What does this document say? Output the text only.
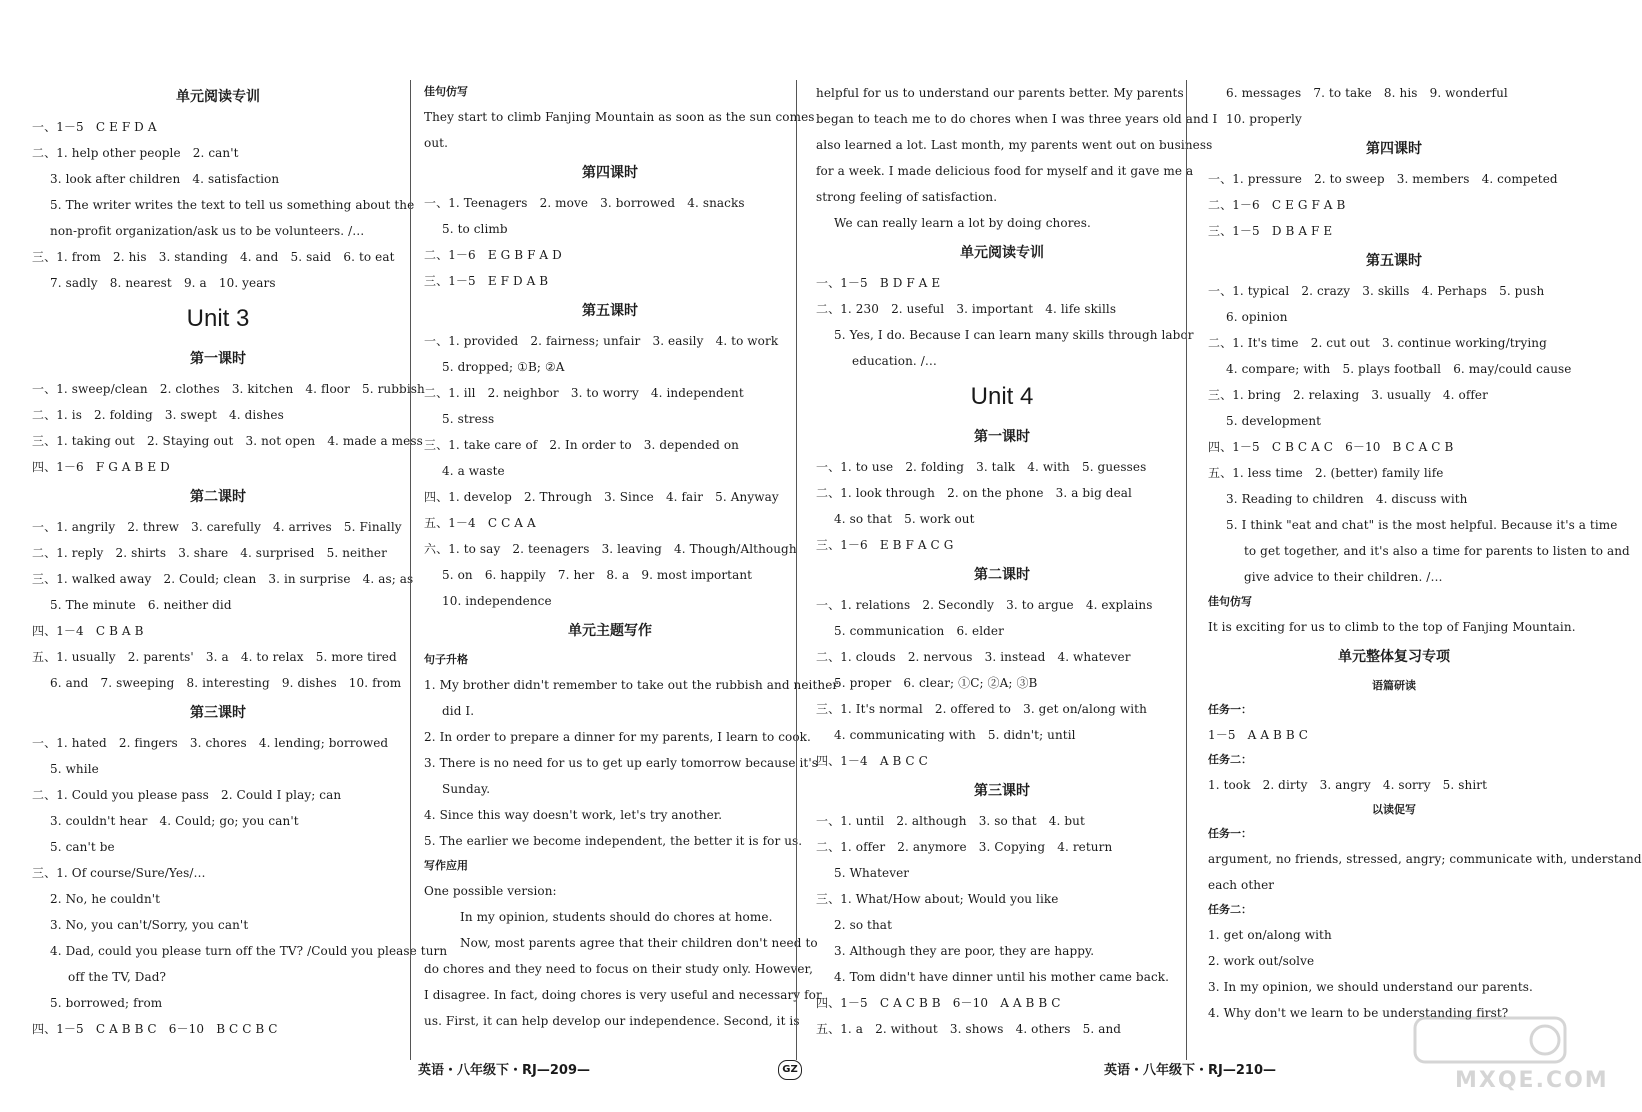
单元阅读专训
一、1－5　C E F D A
二、1. help other people　2. can't
3. look after children　4. satisfaction
5. The writer writes the text to tell us something about the
non-profit organization/ask us to be volunteers. /…
三、1. from　2. his　3. standing　4. and　5. said　6. to eat
7. sadly　8. nearest　9. a　10. years
Unit 3
第一课时
一、1. sweep/clean　2. clothes　3. kitchen　4. floor　5. rubbish
二、1. is　2. folding　3. swept　4. dishes
三、1. taking out　2. Staying out　3. not open　4. made a mess
四、1－6　F G A B E D
第二课时
一、1. angrily　2. threw　3. carefully　4. arrives　5. Finally
二、1. reply　2. shirts　3. share　4. surprised　5. neither
三、1. walked away　2. Could; clean　3. in surprise　4. as; as
5. The minute　6. neither did
四、1－4　C B A B
五、1. usually　2. parents'　3. a　4. to relax　5. more tired
6. and　7. sweeping　8. interesting　9. dishes　10. from
第三课时
一、1. hated　2. fingers　3. chores　4. lending; borrowed
5. while
二、1. Could you please pass　2. Could I play; can
3. couldn't hear　4. Could; go; you can't
5. can't be
三、1. Of course/Sure/Yes/…
2. No, he couldn't
3. No, you can't/Sorry, you can't
4. Dad, could you please turn off the TV? /Could you please turn
off the TV, Dad?
5. borrowed; from
四、1－5　C A B B C　6－10　B C C B C
佳句仿写
They start to climb Fanjing Mountain as soon as the sun comes
out.
第四课时
一、1. Teenagers　2. move　3. borrowed　4. snacks
5. to climb
二、1－6　E G B F A D
三、1－5　E F D A B
第五课时
一、1. provided　2. fairness; unfair　3. easily　4. to work
5. dropped; ①B; ②A
二、1. ill　2. neighbor　3. to worry　4. independent
5. stress
三、1. take care of　2. In order to　3. depended on
4. a waste
四、1. develop　2. Through　3. Since　4. fair　5. Anyway
五、1－4　C C A A
六、1. to say　2. teenagers　3. leaving　4. Though/Although
5. on　6. happily　7. her　8. a　9. most important
10. independence
单元主题写作
句子升格
1. My brother didn't remember to take out the rubbish and neither
did I.
2. In order to prepare a dinner for my parents, I learn to cook.
3. There is no need for us to get up early tomorrow because it's
Sunday.
4. Since this way doesn't work, let's try another.
5. The earlier we become independent, the better it is for us.
写作应用
One possible version:
In my opinion, students should do chores at home.
Now, most parents agree that their children don't need to
do chores and they need to focus on their study only. However,
I disagree. In fact, doing chores is very useful and necessary for
us. First, it can help develop our independence. Second, it is
helpful for us to understand our parents better. My parents
began to teach me to do chores when I was three years old and I
also learned a lot. Last month, my parents went out on business
for a week. I made delicious food for myself and it gave me a
strong feeling of satisfaction.
We can really learn a lot by doing chores.
单元阅读专训
一、1－5　B D F A E
二、1. 230　2. useful　3. important　4. life skills
5. Yes, I do. Because I can learn many skills through labor
education. /…
Unit 4
第一课时
一、1. to use　2. folding　3. talk　4. with　5. guesses
二、1. look through　2. on the phone　3. a big deal
4. so that　5. work out
三、1－6　E B F A C G
第二课时
一、1. relations　2. Secondly　3. to argue　4. explains
5. communication　6. elder
二、1. clouds　2. nervous　3. instead　4. whatever
5. proper　6. clear; ①C; ②A; ③B
三、1. It's normal　2. offered to　3. get on/along with
4. communicating with　5. didn't; until
四、1－4　A B C C
第三课时
一、1. until　2. although　3. so that　4. but
二、1. offer　2. anymore　3. Copying　4. return
5. Whatever
三、1. What/How about; Would you like
2. so that
3. Although they are poor, they are happy.
4. Tom didn't have dinner until his mother came back.
四、1－5　C A C B B　6－10　A A B B C
五、1. a　2. without　3. shows　4. others　5. and
6. messages　7. to take　8. his　9. wonderful
10. properly
第四课时
一、1. pressure　2. to sweep　3. members　4. competed
二、1－6　C E G F A B
三、1－5　D B A F E
第五课时
一、1. typical　2. crazy　3. skills　4. Perhaps　5. push
6. opinion
二、1. It's time　2. cut out　3. continue working/trying
4. compare; with　5. plays football　6. may/could cause
三、1. bring　2. relaxing　3. usually　4. offer
5. development
四、1－5　C B C A C　6－10　B C A C B
五、1. less time　2. (better) family life
3. Reading to children　4. discuss with
5. I think "eat and chat" is the most helpful. Because it's a time
to get together, and it's also a time for parents to listen to and
give advice to their children. /…
佳句仿写
It is exciting for us to climb to the top of Fanjing Mountain.
单元整体复习专项
语篇研读
任务一：
1－5　A A B B C
任务二：
1. took　2. dirty　3. angry　4. sorry　5. shirt
以读促写
任务一：
argument, no friends, stressed, angry; communicate with, understand
each other
任务二：
1. get on/along with
2. work out/solve
3. In my opinion, we should understand our parents.
4. Why don't we learn to be understanding first?
英语・八年级下・RJ—209—	GZ	英语・八年级下・RJ—210—	MXQE.COM
